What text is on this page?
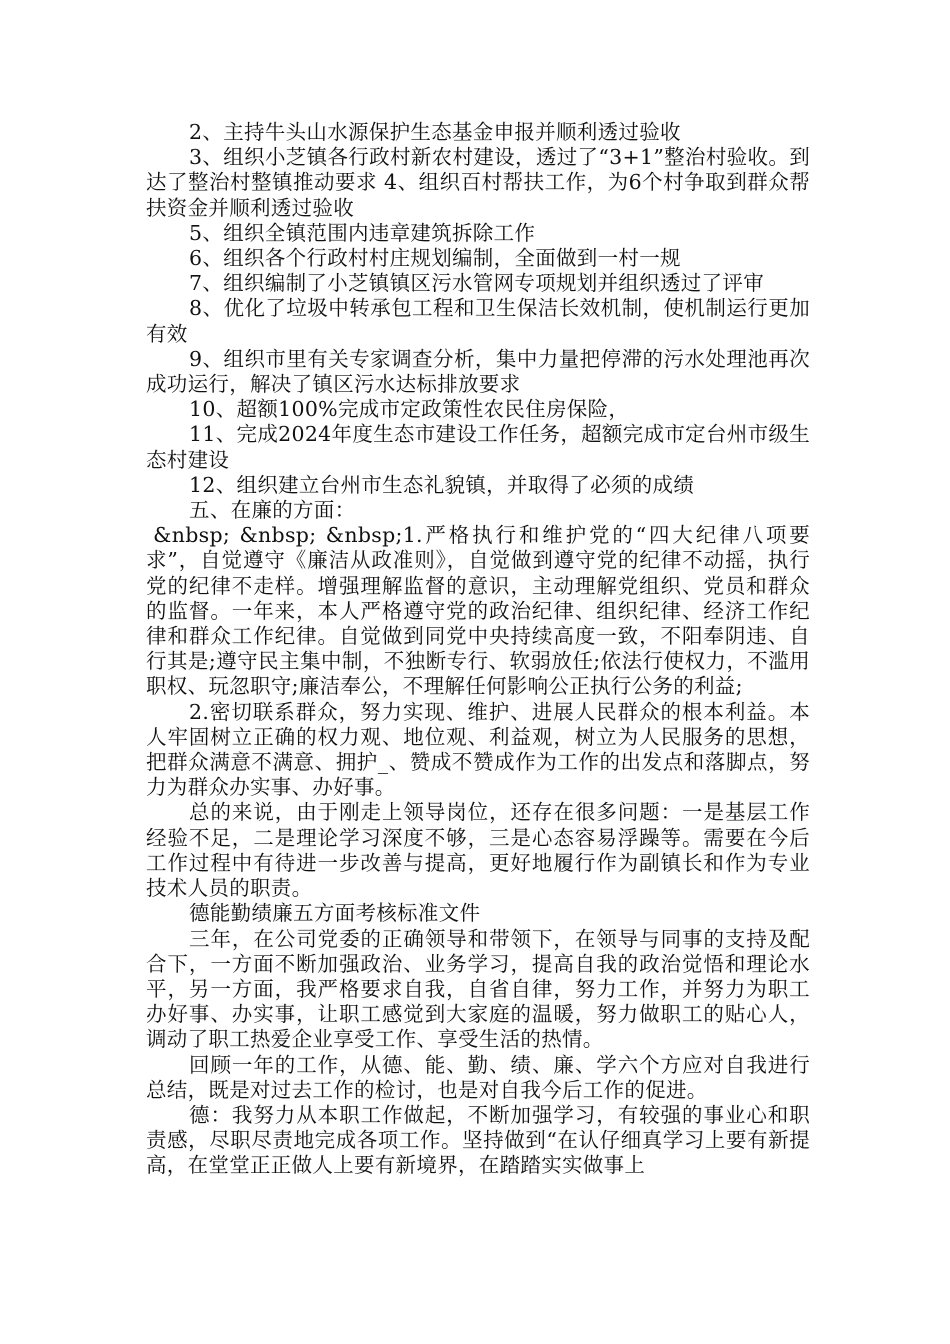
2、主持牛头山水源保护生态基金申报并顺利透过验收

3、组织小芝镇各行政村新农村建设，透过了“3+1”整治村验收。到达了整治村整镇推动要求 4、组织百村帮扶工作，为6个村争取到群众帮扶资金并顺利透过验收

5、组织全镇范围内违章建筑拆除工作

6、组织各个行政村村庄规划编制，全面做到一村一规

7、组织编制了小芝镇镇区污水管网专项规划并组织透过了评审

8、优化了垃圾中转承包工程和卫生保洁长效机制，使机制运行更加有效

9、组织市里有关专家调查分析，集中力量把停滞的污水处理池再次成功运行，解决了镇区污水达标排放要求

10、超额100%完成市定政策性农民住房保险，

11、完成2024年度生态市建设工作任务，超额完成市定台州市级生态村建设

12、组织建立台州市生态礼貌镇，并取得了必须的成绩

五、在廉的方面：

&nbsp; &nbsp; &nbsp;1.严格执行和维护党的“四大纪律八项要求”，自觉遵守《廉洁从政准则》，自觉做到遵守党的纪律不动摇，执行党的纪律不走样。增强理解监督的意识，主动理解党组织、党员和群众的监督。一年来，本人严格遵守党的政治纪律、组织纪律、经济工作纪律和群众工作纪律。自觉做到同党中央持续高度一致，不阳奉阴违、自行其是;遵守民主集中制，不独断专行、软弱放任;依法行使权力，不滥用职权、玩忽职守;廉洁奉公，不理解任何影响公正执行公务的利益;

2.密切联系群众，努力实现、维护、进展人民群众的根本利益。本人牢固树立正确的权力观、地位观、利益观，树立为人民服务的思想，把群众满意不满意、拥护_、赞成不赞成作为工作的出发点和落脚点，努力为群众办实事、办好事。

总的来说，由于刚走上领导岗位，还存在很多问题：一是基层工作经验不足，二是理论学习深度不够，三是心态容易浮躁等。需要在今后工作过程中有待进一步改善与提高，更好地履行作为副镇长和作为专业技术人员的职责。

德能勤绩廉五方面考核标准文件

三年，在公司党委的正确领导和带领下，在领导与同事的支持及配合下，一方面不断加强政治、业务学习，提高自我的政治觉悟和理论水平，另一方面，我严格要求自我，自省自律，努力工作，并努力为职工办好事、办实事，让职工感觉到大家庭的温暖，努力做职工的贴心人，调动了职工热爱企业享受工作、享受生活的热情。

回顾一年的工作，从德、能、勤、绩、廉、学六个方应对自我进行总结，既是对过去工作的检讨，也是对自我今后工作的促进。

德：我努力从本职工作做起，不断加强学习，有较强的事业心和职责感，尽职尽责地完成各项工作。坚持做到“在认仔细真学习上要有新提高，在堂堂正正做人上要有新境界，在踏踏实实做事上
